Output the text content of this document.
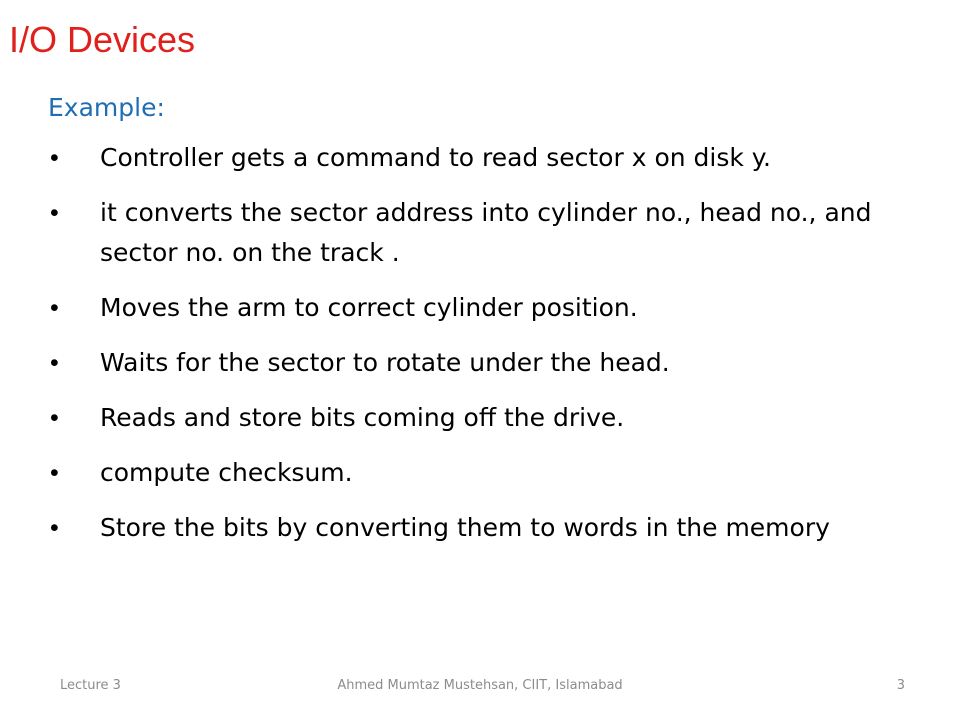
I/O Devices
Example:
• Controller gets a command to read sector x on disk y.
• it converts the sector address into cylinder no., head no., and sector no. on the track .
• Moves the arm to correct cylinder position.
• Waits for the sector to rotate under the head.
• Reads and store bits coming off the drive.
• compute checksum.
• Store the bits by converting them to words in the memory
Lecture 3	Ahmed Mumtaz Mustehsan, CIIT, Islamabad	3
